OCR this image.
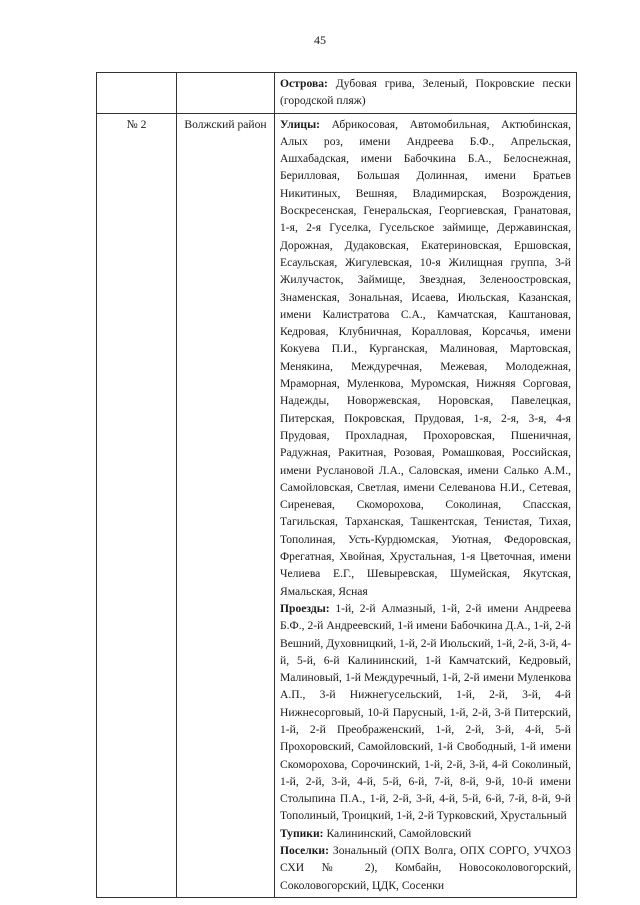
45

		Острова: Дубовая грива, Зеленый, Покровские пески (городской пляж)

№ 2	Волжский район	Улицы: Абрикосовая, Автомобильная, Актюбинская, Алых роз, имени Андреева Б.Ф., Апрельская, Ашхабадская, имени Бабочкина Б.А., Белоснежная, Берилловая, Большая Долинная, имени Братьев Никитиных, Вешняя, Владимирская, Возрождения, Воскресенская, Генеральская, Георгиевская, Гранатовая, 1-я, 2-я Гуселка, Гусельское займище, Державинская, Дорожная, Дудаковская, Екатериновская, Ершовская, Есаульская, Жигулевская, 10-я Жилищная группа, 3-й Жилучасток, Займище, Звездная, Зеленоостровская, Знаменская, Зональная, Исаева, Июльская, Казанская, имени Калистратова С.А., Камчатская, Каштановая, Кедровая, Клубничная, Коралловая, Корсачья, имени Кокуева П.И., Курганская, Малиновая, Мартовская, Менякина, Междуречная, Межевая, Молодежная, Мраморная, Муленкова, Муромская, Нижняя Сорговая, Надежды, Новоржевская, Норовская, Павелецкая, Питерская, Покровская, Прудовая, 1-я, 2-я, 3-я, 4-я Прудовая, Прохладная, Прохоровская, Пшеничная, Радужная, Ракитная, Розовая, Ромашковая, Российская, имени Руслановой Л.А., Саловская, имени Салько А.М., Самойловская, Светлая, имени Селеванова Н.И., Сетевая, Сиреневая, Скоморохова, Соколиная, Спасская, Тагильская, Тарханская, Ташкентская, Тенистая, Тихая, Тополиная, Усть-Курдюмская, Уютная, Федоровская, Фрегатная, Хвойная, Хрустальная, 1-я Цветочная, имени Челиева Е.Г., Шевыревская, Шумейская, Якутская, Ямальская, Ясная

Проезды: 1-й, 2-й Алмазный, 1-й, 2-й имени Андреева Б.Ф., 2-й Андреевский, 1-й имени Бабочкина Д.А., 1-й, 2-й Вешний, Духовницкий, 1-й, 2-й Июльский, 1-й, 2-й, 3-й, 4-й, 5-й, 6-й Калининский, 1-й Камчатский, Кедровый, Малиновый, 1-й Междуречный, 1-й, 2-й имени Муленкова А.П., 3-й Нижнегусельский, 1-й, 2-й, 3-й, 4-й Нижнесорговый, 10-й Парусный, 1-й, 2-й, 3-й Питерский, 1-й, 2-й Преображенский, 1-й, 2-й, 3-й, 4-й, 5-й Прохоровский, Самойловский, 1-й Свободный, 1-й имени Скоморохова, Сорочинский, 1-й, 2-й, 3-й, 4-й Соколиный, 1-й, 2-й, 3-й, 4-й, 5-й, 6-й, 7-й, 8-й, 9-й, 10-й имени Столыпина П.А., 1-й, 2-й, 3-й, 4-й, 5-й, 6-й, 7-й, 8-й, 9-й Тополиный, Троицкий, 1-й, 2-й Турковский, Хрустальный

Тупики: Калининский, Самойловский

Поселки: Зональный (ОПХ Волга, ОПХ СОРГО, УЧХОЗ СХИ № 2), Комбайн, Новосоколовогорский, Соколовогорский, ЦДК, Сосенки
